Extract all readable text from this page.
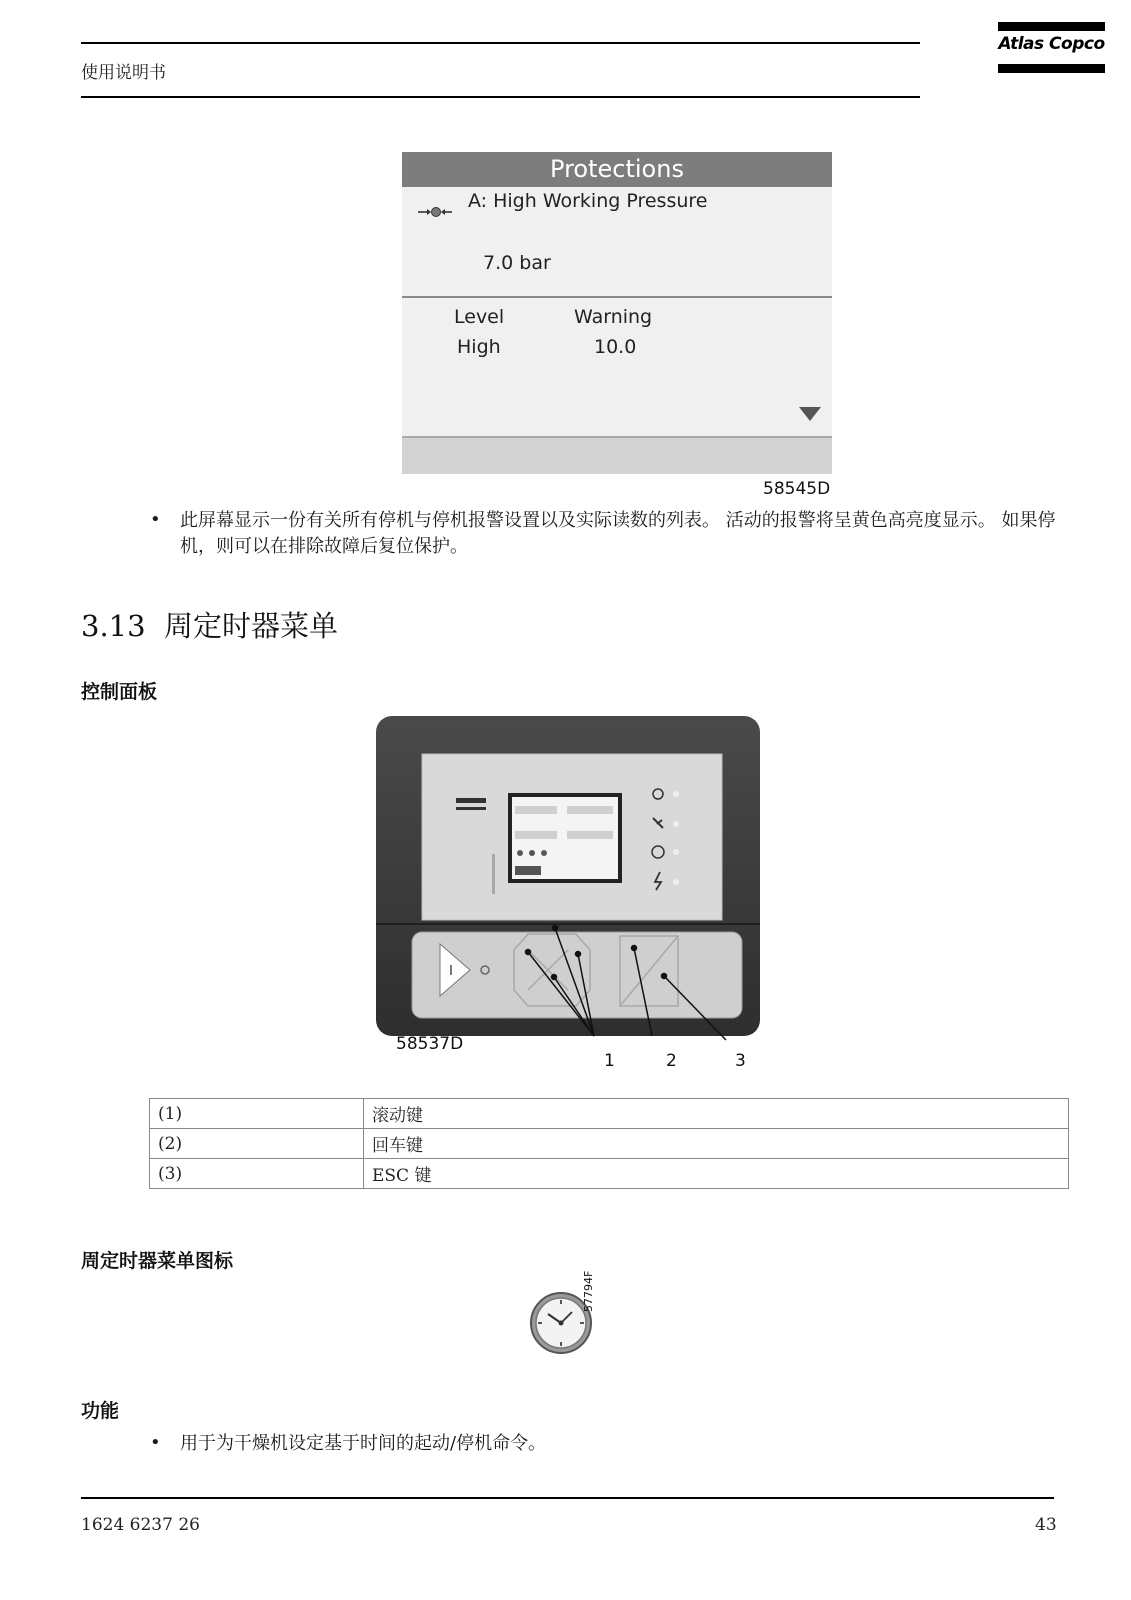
使用说明书
Atlas Copco
Protections
A: High Working Pressure
7.0 bar
Level	Warning
High	10.0
58545D
• 此屏幕显示一份有关所有停机与停机报警设置以及实际读数的列表。 活动的报警将呈黄色高亮度显示。 如果停机，则可以在排除故障后复位保护。
3.13 周定时器菜单
控制面板
58537D
1	2	3
(1)	滚动键
(2)	回车键
(3)	ESC 键
周定时器菜单图标
57794F
功能
• 用于为干燥机设定基于时间的起动/停机命令。
1624 6237 26	43
